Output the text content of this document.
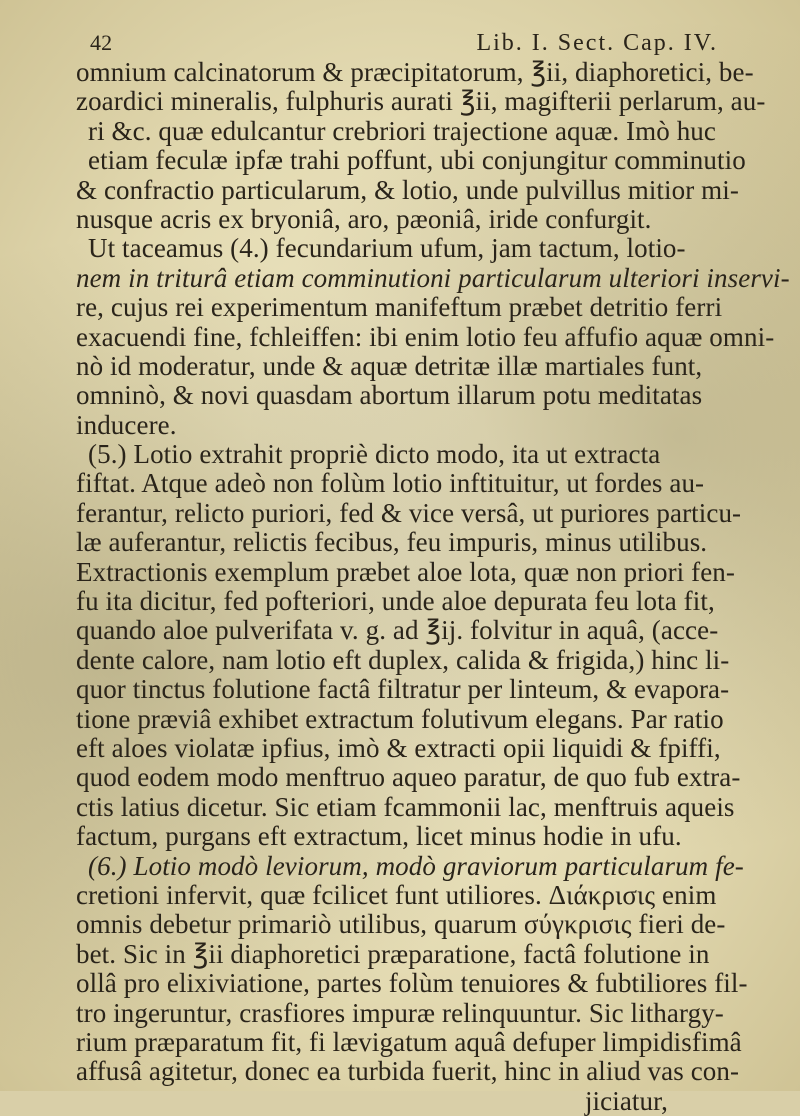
42	Lib. I. Sect. Cap. IV.
omnium calcinatorum & præcipitatorum, ℥ii, diaphoretici, be-
zoardici mineralis, fulphuris aurati ℥ii, magifterii perlarum, au-
ri &c. quæ edulcantur crebriori trajectione aquæ. Imò huc
etiam feculæ ipfæ trahi poffunt, ubi conjungitur comminutio
& confractio particularum, & lotio, unde pulvillus mitior mi-
nusque acris ex bryoniâ, aro, pæoniâ, iride confurgit.
Ut taceamus (4.) fecundarium ufum, jam tactum, lotio-
nem in triturâ etiam comminutioni particularum ulteriori inservi-
re, cujus rei experimentum manifeftum præbet detritio ferri
exacuendi fine, fchleiffen: ibi enim lotio feu affufio aquæ omni-
nò id moderatur, unde & aquæ detritæ illæ martiales funt,
omninò, & novi quasdam abortum illarum potu meditatas
inducere.
(5.) Lotio extrahit propriè dicto modo, ita ut extracta
fiftat. Atque adeò non folùm lotio inftituitur, ut fordes au-
ferantur, relicto puriori, fed & vice versâ, ut puriores particu-
læ auferantur, relictis fecibus, feu impuris, minus utilibus.
Extractionis exemplum præbet aloe lota, quæ non priori fen-
fu ita dicitur, fed pofteriori, unde aloe depurata feu lota fit,
quando aloe pulverifata v. g. ad ℥ij. folvitur in aquâ, (acce-
dente calore, nam lotio eft duplex, calida & frigida,) hinc li-
quor tinctus folutione factâ filtratur per linteum, & evapora-
tione præviâ exhibet extractum folutivum elegans. Par ratio
eft aloes violatæ ipfius, imò & extracti opii liquidi & fpiffi,
quod eodem modo menftruo aqueo paratur, de quo fub extra-
ctis latius dicetur. Sic etiam fcammonii lac, menftruis aqueis
factum, purgans eft extractum, licet minus hodie in ufu.
(6.) Lotio modò leviorum, modò graviorum particularum fe-
cretioni infervit, quæ fcilicet funt utiliores. Διάκρισις enim
omnis debetur primariò utilibus, quarum σύγκρισις fieri de-
bet. Sic in ℥ii diaphoretici præparatione, factâ folutione in
ollâ pro elixiviatione, partes folùm tenuiores & fubtiliores fil-
tro ingeruntur, crasfiores impuræ relinquuntur. Sic lithargy-
rium præparatum fit, fi lævigatum aquâ defuper limpidisfimâ
affusâ agitetur, donec ea turbida fuerit, hinc in aliud vas con-
jiciatur,
